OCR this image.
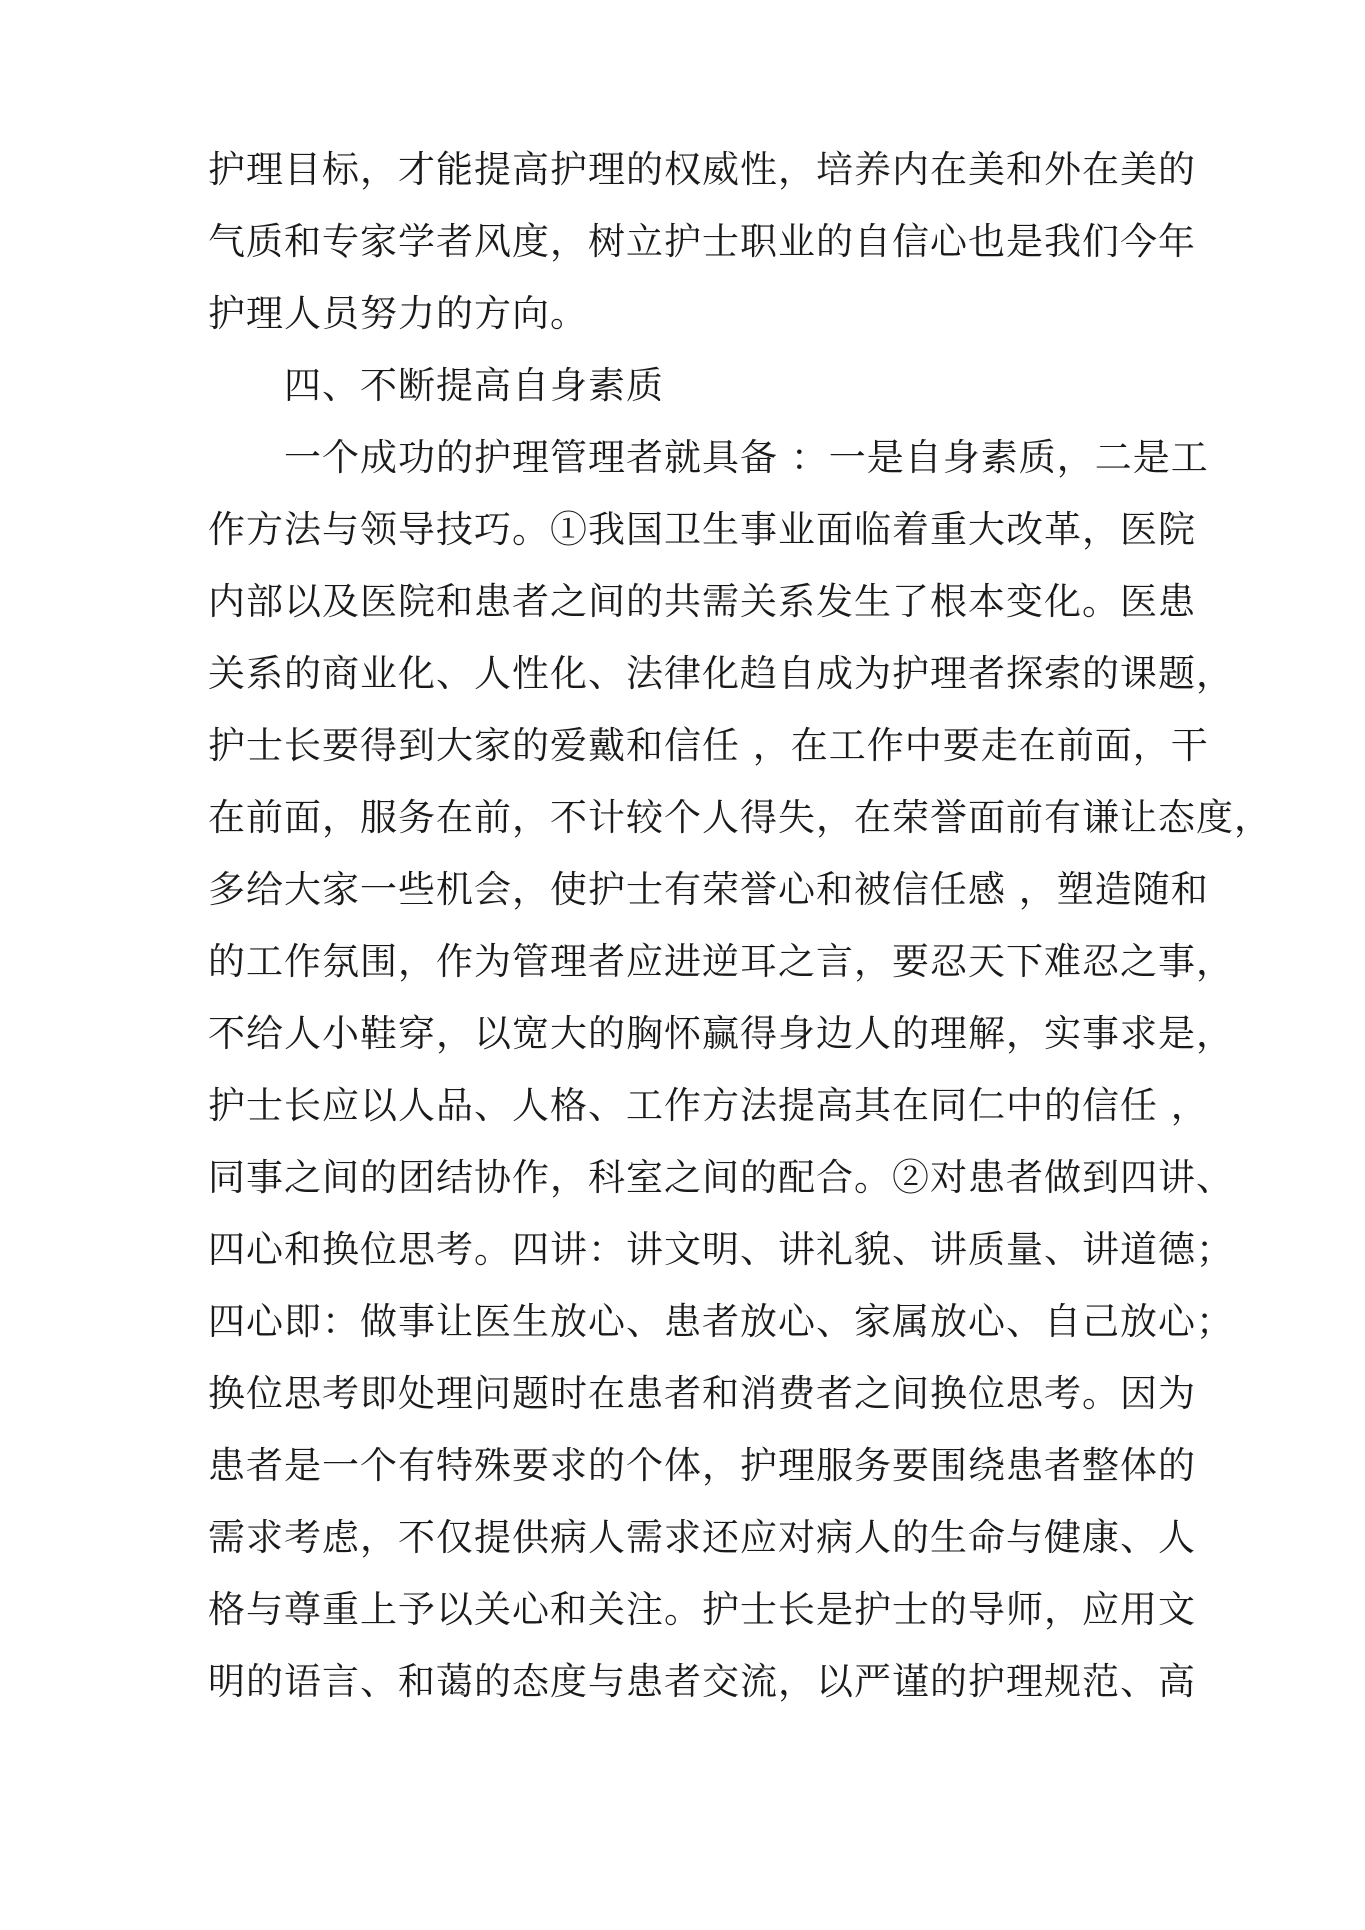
护理目标，才能提高护理的权威性，培养内在美和外在美的
气质和专家学者风度，树立护士职业的自信心也是我们今年
护理人员努力的方向。
四、不断提高自身素质
一个成功的护理管理者就具备 ：一是自身素质，二是工
作方法与领导技巧。①我国卫生事业面临着重大改革，医院
内部以及医院和患者之间的共需关系发生了根本变化。医患
关系的商业化、人性化、法律化趋自成为护理者探索的课题，
护士长要得到大家的爱戴和信任 ，在工作中要走在前面，干
在前面，服务在前，不计较个人得失，在荣誉面前有谦让态度，
多给大家一些机会，使护士有荣誉心和被信任感 ，塑造随和
的工作氛围，作为管理者应进逆耳之言，要忍天下难忍之事，
不给人小鞋穿，以宽大的胸怀赢得身边人的理解，实事求是，
护士长应以人品、人格、工作方法提高其在同仁中的信任 ，
同事之间的团结协作，科室之间的配合。②对患者做到四讲、
四心和换位思考。四讲：讲文明、讲礼貌、讲质量、讲道德；
四心即：做事让医生放心、患者放心、家属放心、自己放心；
换位思考即处理问题时在患者和消费者之间换位思考。因为
患者是一个有特殊要求的个体，护理服务要围绕患者整体的
需求考虑，不仅提供病人需求还应对病人的生命与健康、人
格与尊重上予以关心和关注。护士长是护士的导师，应用文
明的语言、和蔼的态度与患者交流，以严谨的护理规范、高
